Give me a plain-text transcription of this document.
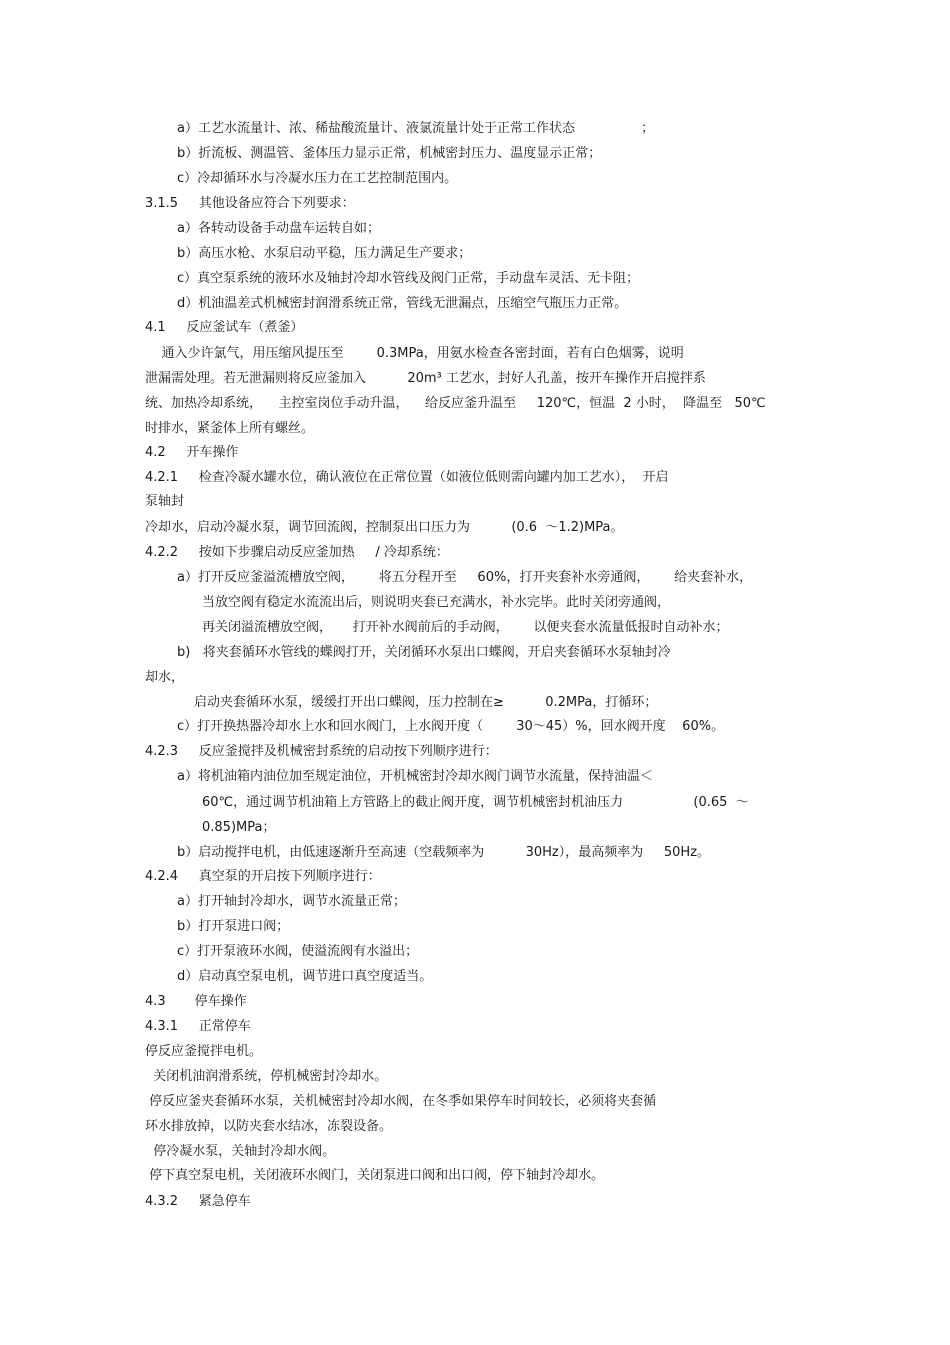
a）工艺水流量计、浓、稀盐酸流量计、液氯流量计处于正常工作状态                ；
b）折流板、测温管、釜体压力显示正常，机械密封压力、温度显示正常；
c）冷却循环水与冷凝水压力在工艺控制范围内。
3.1.5     其他设备应符合下列要求：
a）各转动设备手动盘车运转自如；
b）高压水枪、水泵启动平稳，压力满足生产要求；
c）真空泵系统的液环水及轴封冷却水管线及阀门正常，手动盘车灵活、无卡阻；
d）机油温差式机械密封润滑系统正常，管线无泄漏点，压缩空气瓶压力正常。
4.1     反应釜试车（煮釜）
通入少许氯气，用压缩风提压至        0.3MPa，用氨水检查各密封面，若有白色烟雾，说明
泄漏需处理。若无泄漏则将反应釜加入          20m³ 工艺水，封好人孔盖，按开车操作开启搅拌系
统、加热冷却系统，    主控室岗位手动升温，    给反应釜升温至     120℃，恒温  2 小时，  降温至   50℃
时排水，紧釜体上所有螺丝。
4.2     开车操作
4.2.1     检查冷凝水罐水位，确认液位在正常位置（如液位低则需向罐内加工艺水），  开启
泵轴封
冷却水，启动冷凝水泵，调节回流阀，控制泵出口压力为          (0.6  ～1.2)MPa。
4.2.2     按如下步骤启动反应釜加热     / 冷却系统：
a）打开反应釜溢流槽放空阀，      将五分程开至     60%，打开夹套补水旁通阀，      给夹套补水，
当放空阀有稳定水流流出后，则说明夹套已充满水，补水完毕。此时关闭旁通阀，
再关闭溢流槽放空阀，     打开补水阀前后的手动阀，      以便夹套水流量低报时自动补水；
b)   将夹套循环水管线的蝶阀打开，关闭循环水泵出口蝶阀，开启夹套循环水泵轴封冷
却水，
启动夹套循环水泵，缓缓打开出口蝶阀，压力控制在≥          0.2MPa，打循环；
c）打开换热器冷却水上水和回水阀门，上水阀开度（        30～45）%，回水阀开度    60%。
4.2.3     反应釜搅拌及机械密封系统的启动按下列顺序进行：
a）将机油箱内油位加至规定油位，开机械密封冷却水阀门调节水流量，保持油温＜
60℃，通过调节机油箱上方管路上的截止阀开度，调节机械密封机油压力                 (0.65  ～
0.85)MPa；
b）启动搅拌电机，由低速逐渐升至高速（空载频率为          30Hz），最高频率为     50Hz。
4.2.4     真空泵的开启按下列顺序进行：
a）打开轴封冷却水，调节水流量正常；
b）打开泵进口阀；
c）打开泵液环水阀，使溢流阀有水溢出；
d）启动真空泵电机，调节进口真空度适当。
4.3       停车操作
4.3.1     正常停车
停反应釜搅拌电机。
关闭机油润滑系统，停机械密封冷却水。
停反应釜夹套循环水泵，关机械密封冷却水阀，在冬季如果停车时间较长，必须将夹套循
环水排放掉，以防夹套水结冰，冻裂设备。
停冷凝水泵，关轴封冷却水阀。
停下真空泵电机，关闭液环水阀门，关闭泵进口阀和出口阀，停下轴封冷却水。
4.3.2     紧急停车
